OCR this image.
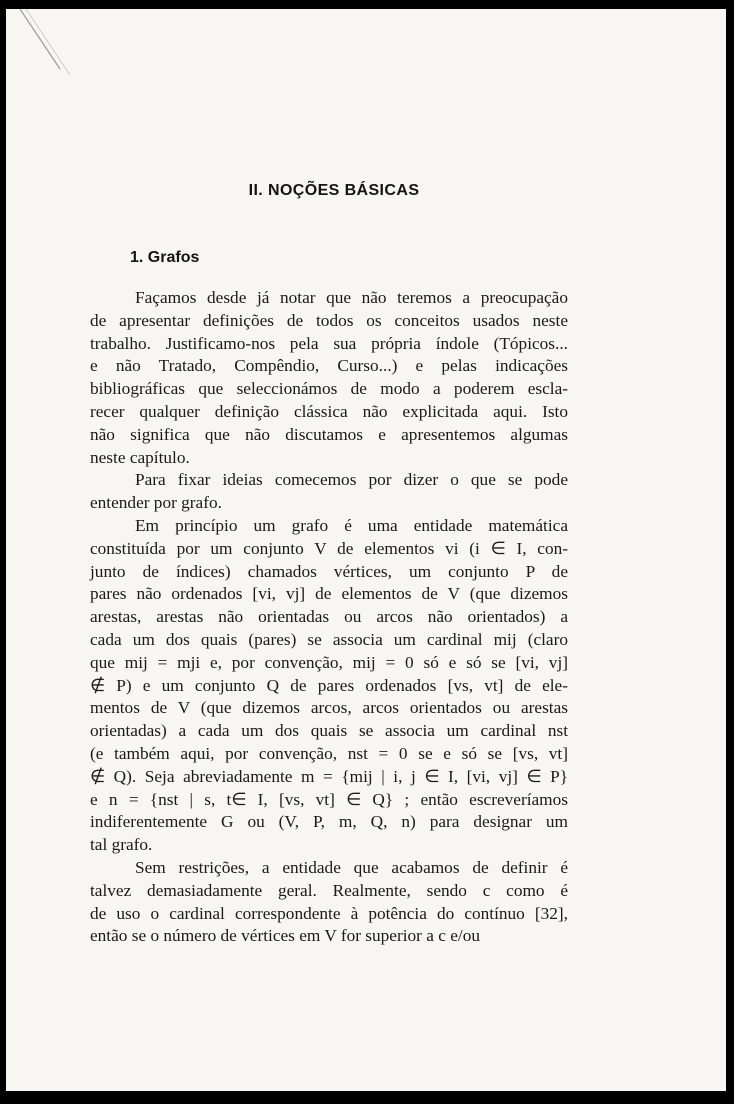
II. NOÇÕES BÁSICAS
1. Grafos
Façamos desde já notar que não teremos a preocupação
de apresentar definições de todos os conceitos usados neste
trabalho. Justificamo-nos pela sua própria índole (Tópicos...
e não Tratado, Compêndio, Curso...) e pelas indicações
bibliográficas que seleccionámos de modo a poderem escla-
recer qualquer definição clássica não explicitada aqui. Isto
não significa que não discutamos e apresentemos algumas
neste capítulo.
Para fixar ideias comecemos por dizer o que se pode
entender por grafo.
Em princípio um grafo é uma entidade matemática
constituída por um conjunto V de elementos vi (i ∈ I, con-
junto de índices) chamados vértices, um conjunto P de
pares não ordenados [vi, vj] de elementos de V (que dizemos
arestas, arestas não orientadas ou arcos não orientados) a
cada um dos quais (pares) se associa um cardinal mij (claro
que mij = mji e, por convenção, mij = 0 só e só se [vi, vj]
∉ P) e um conjunto Q de pares ordenados [vs, vt] de ele-
mentos de V (que dizemos arcos, arcos orientados ou arestas
orientadas) a cada um dos quais se associa um cardinal nst
(e também aqui, por convenção, nst = 0 se e só se [vs, vt]
∉ Q). Seja abreviadamente m = {mij | i, j ∈ I, [vi, vj] ∈ P}
e n = {nst | s, t∈ I, [vs, vt] ∈ Q} ; então escreveríamos
indiferentemente G ou (V, P, m, Q, n) para designar um
tal grafo.
Sem restrições, a entidade que acabamos de definir é
talvez demasiadamente geral. Realmente, sendo c como é
de uso o cardinal correspondente à potência do contínuo [32],
então se o número de vértices em V for superior a c e/ou
